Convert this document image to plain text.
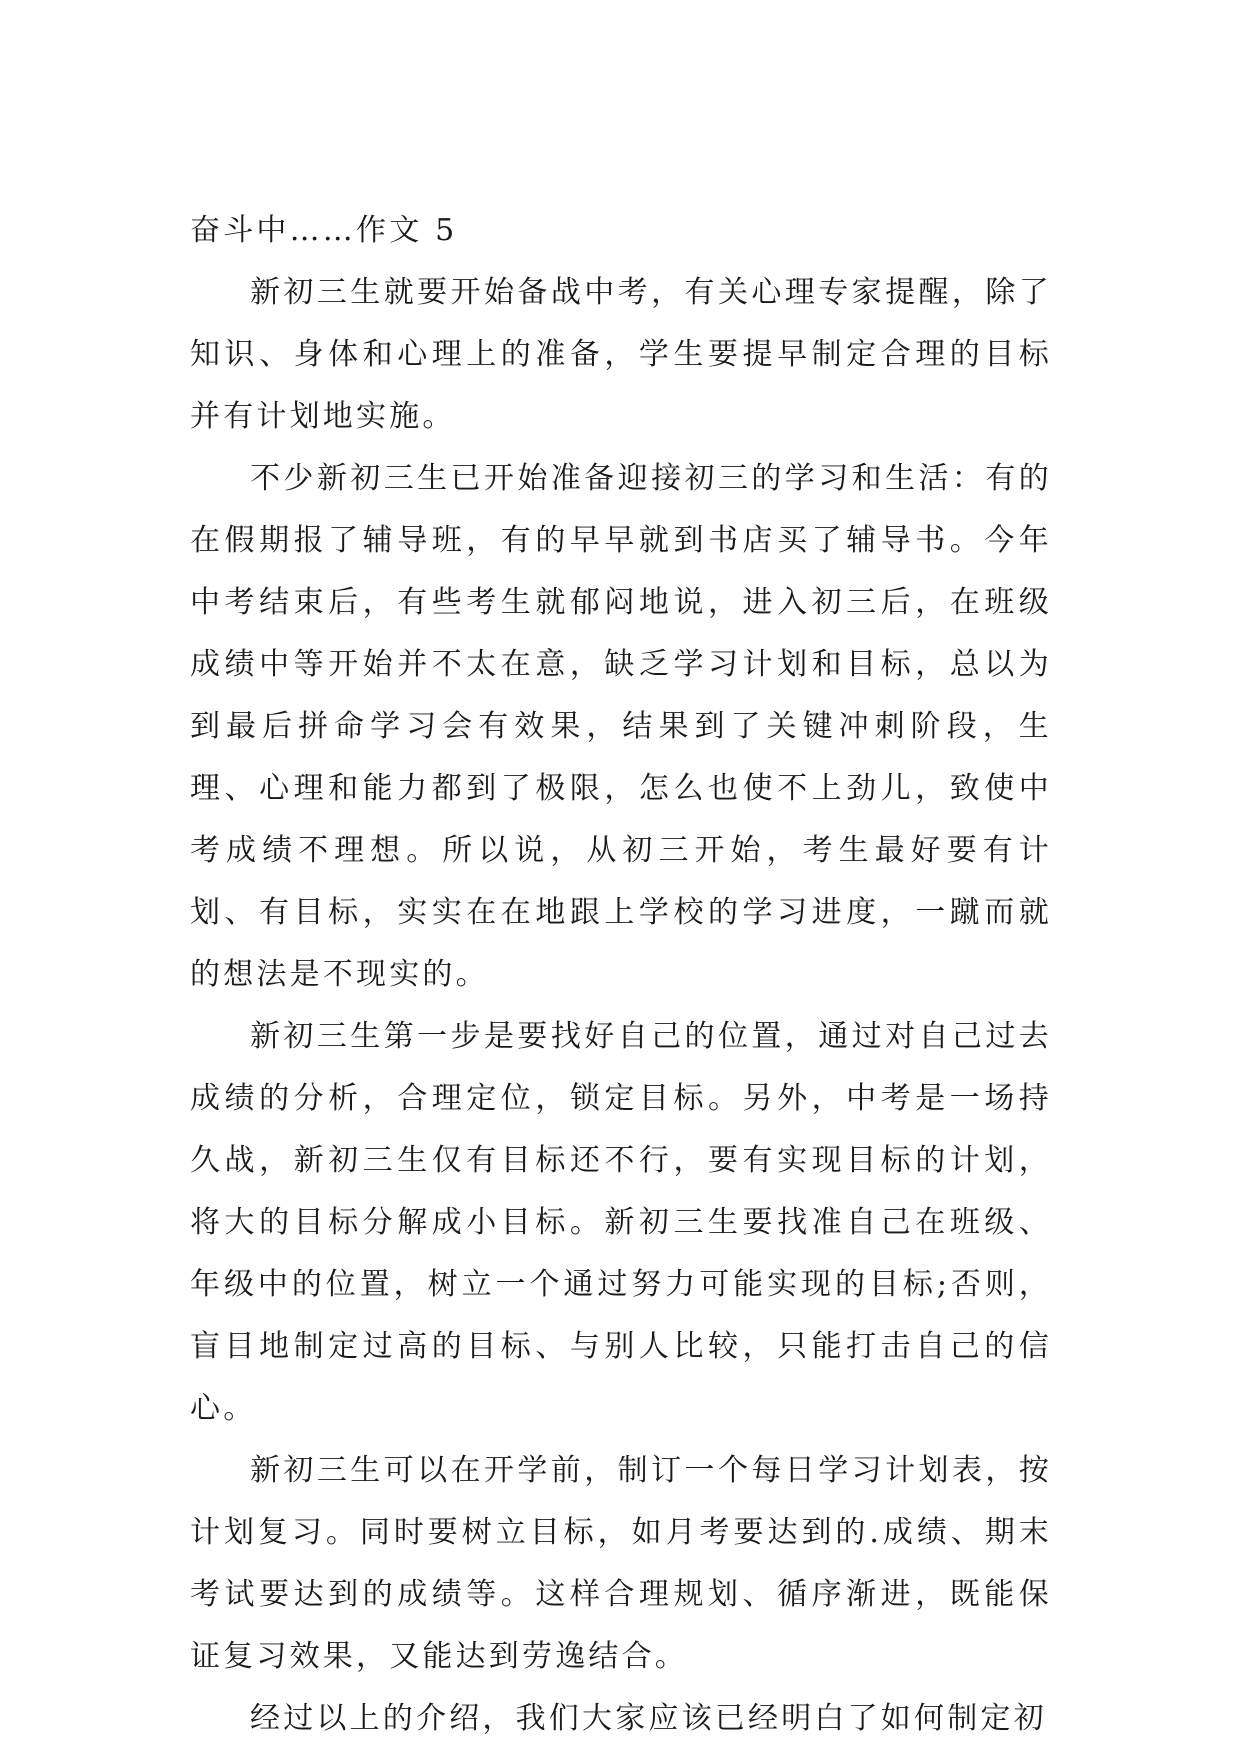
奋斗中……作文 5

新初三生就要开始备战中考，有关心理专家提醒，除了知识、身体和心理上的准备，学生要提早制定合理的目标并有计划地实施。

不少新初三生已开始准备迎接初三的学习和生活：有的在假期报了辅导班，有的早早就到书店买了辅导书。今年中考结束后，有些考生就郁闷地说，进入初三后，在班级成绩中等开始并不太在意，缺乏学习计划和目标，总以为到最后拼命学习会有效果，结果到了关键冲刺阶段，生理、心理和能力都到了极限，怎么也使不上劲儿，致使中考成绩不理想。所以说，从初三开始，考生最好要有计划、有目标，实实在在地跟上学校的学习进度，一蹴而就的想法是不现实的。

新初三生第一步是要找好自己的位置，通过对自己过去成绩的分析，合理定位，锁定目标。另外，中考是一场持久战，新初三生仅有目标还不行，要有实现目标的计划，将大的目标分解成小目标。新初三生要找准自己在班级、年级中的位置，树立一个通过努力可能实现的目标;否则，盲目地制定过高的目标、与别人比较，只能打击自己的信心。

新初三生可以在开学前，制订一个每日学习计划表，按计划复习。同时要树立目标，如月考要达到的.成绩、期末考试要达到的成绩等。这样合理规划、循序渐进，既能保证复习效果，又能达到劳逸结合。

经过以上的介绍，我们大家应该已经明白了如何制定初
